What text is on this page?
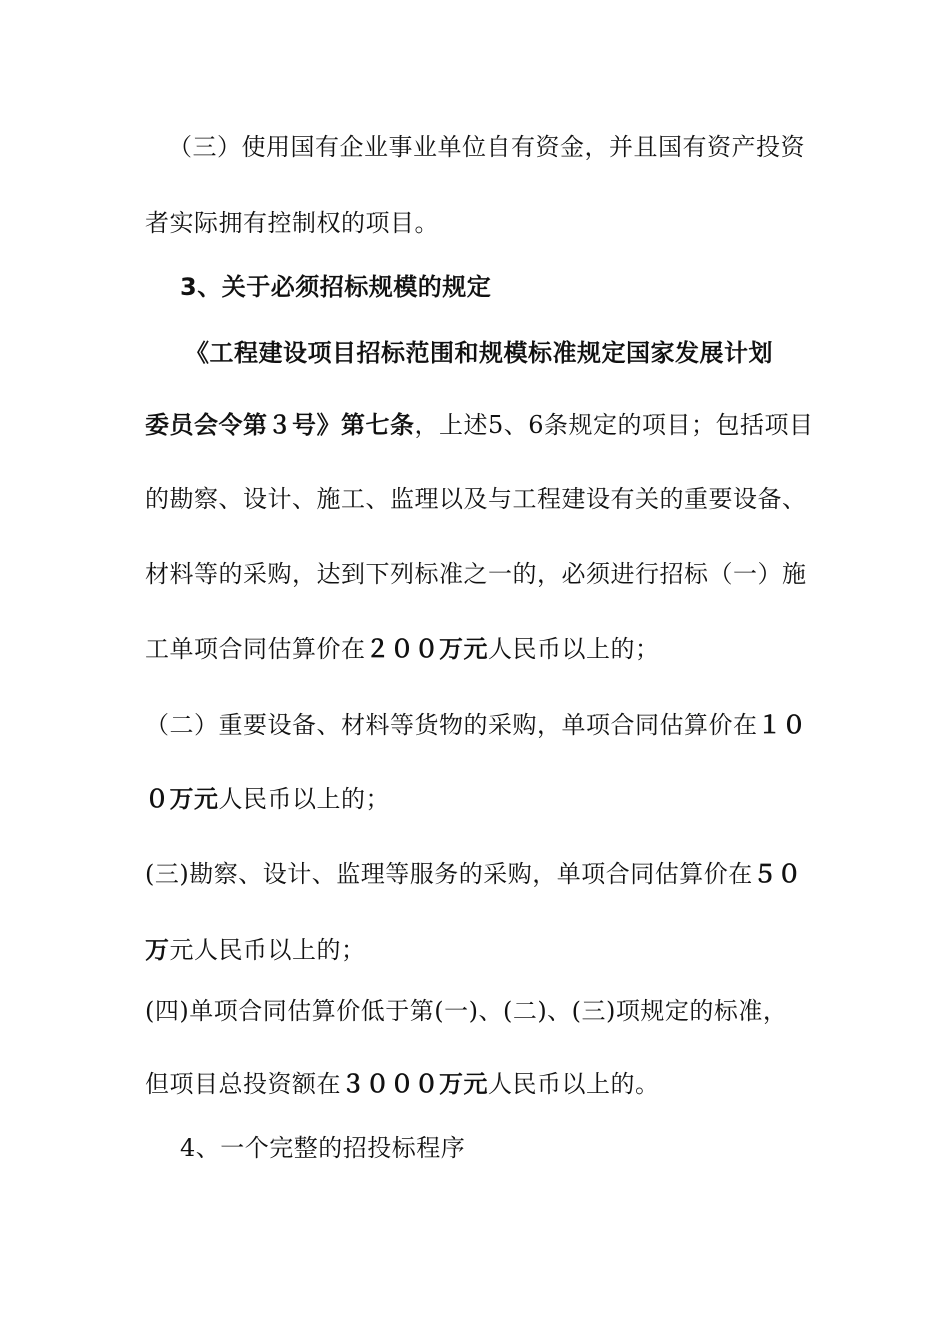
（三）使用国有企业事业单位自有资金，并且国有资产投资

者实际拥有控制权的项目。

3、关于必须招标规模的规定

《工程建设项目招标范围和规模标准规定国家发展计划

委员会令第３号》第七条，上述5、6条规定的项目；包括项目

的勘察、设计、施工、监理以及与工程建设有关的重要设备、

材料等的采购，达到下列标准之一的，必须进行招标（一）施

工单项合同估算价在２００万元人民币以上的；

（二）重要设备、材料等货物的采购，单项合同估算价在１０

０万元人民币以上的；

(三)勘察、设计、监理等服务的采购，单项合同估算价在５０

万元人民币以上的；

(四)单项合同估算价低于第(一)、(二)、(三)项规定的标准，

但项目总投资额在３０００万元人民币以上的。

4、一个完整的招投标程序
